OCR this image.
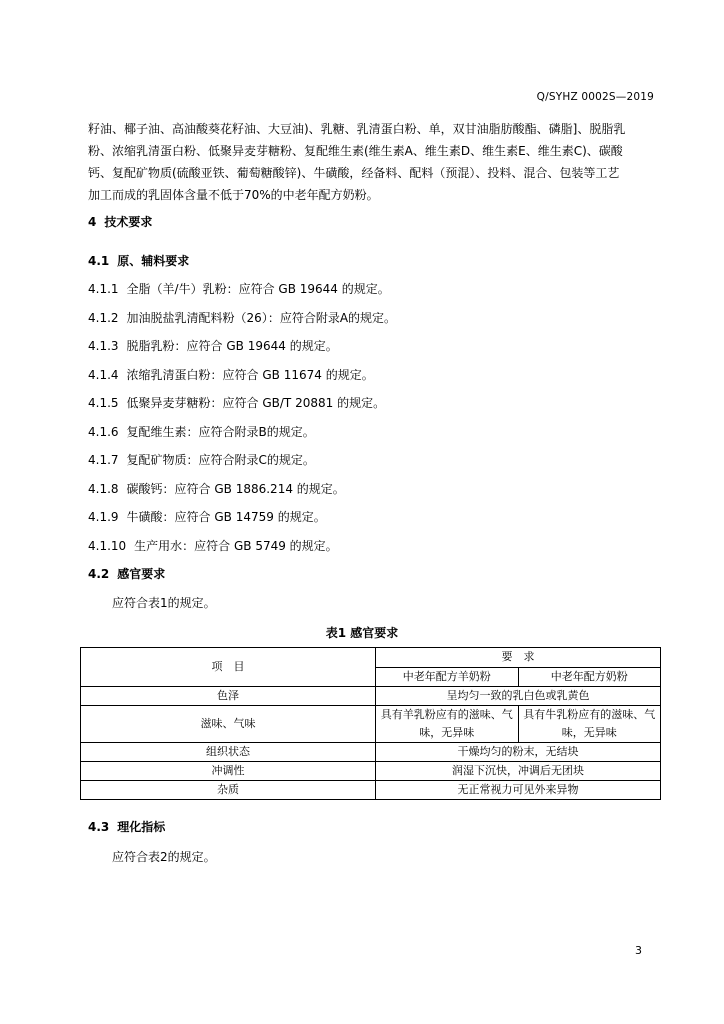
Q/SYHZ 0002S—2019
籽油、椰子油、高油酸葵花籽油、大豆油)、乳糖、乳清蛋白粉、单，双甘油脂肪酸酯、磷脂]、脱脂乳
粉、浓缩乳清蛋白粉、低聚异麦芽糖粉、复配维生素(维生素A、维生素D、维生素E、维生素C)、碳酸
钙、复配矿物质(硫酸亚铁、葡萄糖酸锌)、牛磺酸，经备料、配料（预混）、投料、混合、包装等工艺
加工而成的乳固体含量不低于70%的中老年配方奶粉。
4 技术要求
4.1 原、辅料要求
4.1.1 全脂（羊/牛）乳粉：应符合 GB 19644 的规定。
4.1.2 加油脱盐乳清配料粉（26）：应符合附录A的规定。
4.1.3 脱脂乳粉：应符合 GB 19644 的规定。
4.1.4 浓缩乳清蛋白粉：应符合 GB 11674 的规定。
4.1.5 低聚异麦芽糖粉：应符合 GB/T 20881 的规定。
4.1.6 复配维生素：应符合附录B的规定。
4.1.7 复配矿物质：应符合附录C的规定。
4.1.8 碳酸钙：应符合 GB 1886.214 的规定。
4.1.9 牛磺酸：应符合 GB 14759 的规定。
4.1.10 生产用水：应符合 GB 5749 的规定。
4.2 感官要求
应符合表1的规定。
表1 感官要求
项　目	要　求	
	中老年配方羊奶粉	中老年配方奶粉
色泽	呈均匀一致的乳白色或乳黄色	
滋味、气味	具有羊乳粉应有的滋味、气味，无异味	具有牛乳粉应有的滋味、气味，无异味
组织状态	干燥均匀的粉末，无结块	
冲调性	润湿下沉快，冲调后无团块	
杂质	无正常视力可见外来异物	
4.3 理化指标
应符合表2的规定。
3
